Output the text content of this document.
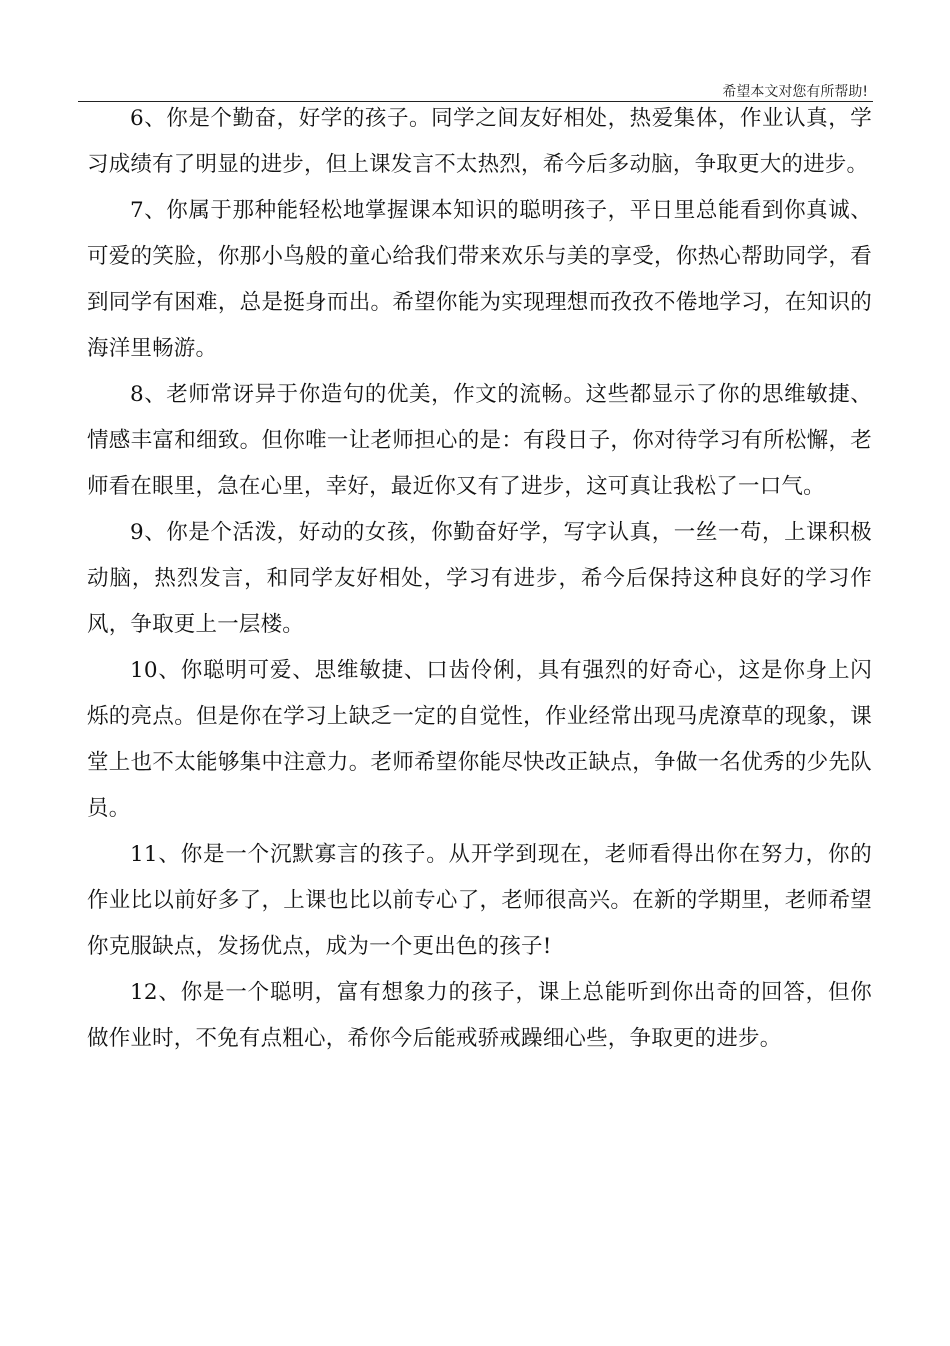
希望本文对您有所帮助!

6、你是个勤奋，好学的孩子。同学之间友好相处，热爱集体，作业认真，学习成绩有了明显的进步，但上课发言不太热烈，希今后多动脑，争取更大的进步。

7、你属于那种能轻松地掌握课本知识的聪明孩子，平日里总能看到你真诚、可爱的笑脸，你那小鸟般的童心给我们带来欢乐与美的享受，你热心帮助同学，看到同学有困难，总是挺身而出。希望你能为实现理想而孜孜不倦地学习，在知识的海洋里畅游。

8、老师常讶异于你造句的优美，作文的流畅。这些都显示了你的思维敏捷、情感丰富和细致。但你唯一让老师担心的是：有段日子，你对待学习有所松懈，老师看在眼里，急在心里，幸好，最近你又有了进步，这可真让我松了一口气。

9、你是个活泼，好动的女孩，你勤奋好学，写字认真，一丝一苟，上课积极动脑，热烈发言，和同学友好相处，学习有进步，希今后保持这种良好的学习作风，争取更上一层楼。

10、你聪明可爱、思维敏捷、口齿伶俐，具有强烈的好奇心，这是你身上闪烁的亮点。但是你在学习上缺乏一定的自觉性，作业经常出现马虎潦草的现象，课堂上也不太能够集中注意力。老师希望你能尽快改正缺点，争做一名优秀的少先队员。

11、你是一个沉默寡言的孩子。从开学到现在，老师看得出你在努力，你的作业比以前好多了，上课也比以前专心了，老师很高兴。在新的学期里，老师希望你克服缺点，发扬优点，成为一个更出色的孩子!

12、你是一个聪明，富有想象力的孩子，课上总能听到你出奇的回答，但你做作业时，不免有点粗心，希你今后能戒骄戒躁细心些，争取更的进步。
